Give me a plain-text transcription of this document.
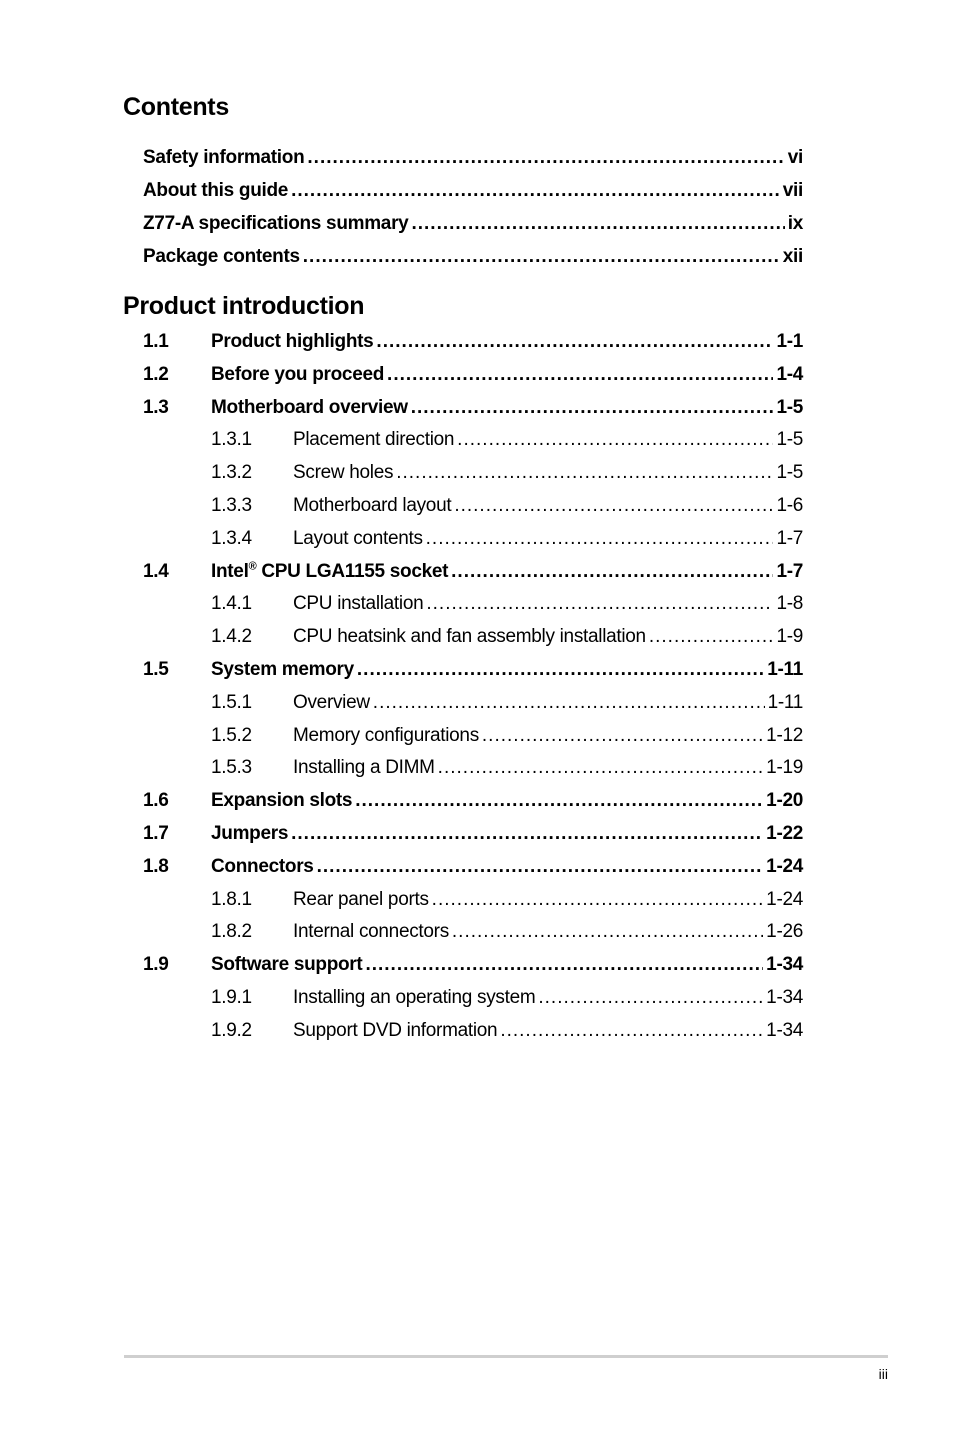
Contents
Safety information .....	vi
About this guide .....	vii
Z77-A specifications summary .....	ix
Package contents .....	xii
Product introduction
1.1	Product highlights .....	1-1
1.2	Before you proceed .....	1-4
1.3	Motherboard overview .....	1-5
1.3.1	Placement direction .....	1-5
1.3.2	Screw holes .....	1-5
1.3.3	Motherboard layout .....	1-6
1.3.4	Layout contents .....	1-7
1.4	Intel® CPU LGA1155 socket .....	1-7
1.4.1	CPU installation .....	1-8
1.4.2	CPU heatsink and fan assembly installation .....	1-9
1.5	System memory .....	1-11
1.5.1	Overview .....	1-11
1.5.2	Memory configurations .....	1-12
1.5.3	Installing a DIMM .....	1-19
1.6	Expansion slots .....	1-20
1.7	Jumpers .....	1-22
1.8	Connectors .....	1-24
1.8.1	Rear panel ports .....	1-24
1.8.2	Internal connectors .....	1-26
1.9	Software support .....	1-34
1.9.1	Installing an operating system .....	1-34
1.9.2	Support DVD information .....	1-34
iii
